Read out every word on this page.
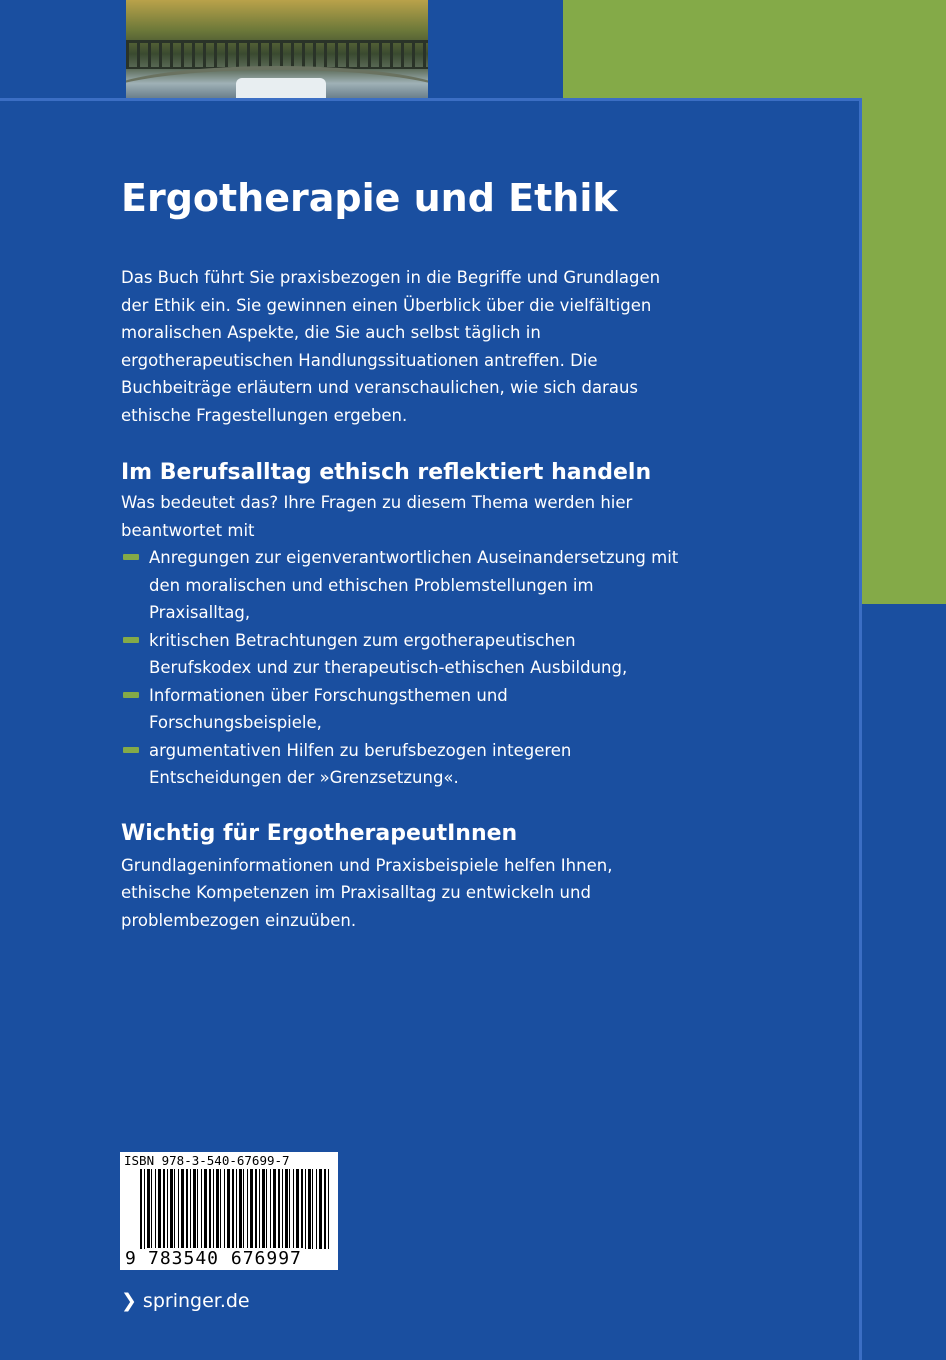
Ergotherapie und Ethik

Das Buch führt Sie praxisbezogen in die Begriffe und Grundlagen der Ethik ein. Sie gewinnen einen Überblick über die vielfältigen moralischen Aspekte, die Sie auch selbst täglich in ergotherapeutischen Handlungssituationen antreffen. Die Buchbeiträge erläutern und veranschaulichen, wie sich daraus ethische Fragestellungen ergeben.

Im Berufsalltag ethisch reflektiert handeln

Was bedeutet das? Ihre Fragen zu diesem Thema werden hier beantwortet mit

Anregungen zur eigenverantwortlichen Auseinandersetzung mit den moralischen und ethischen Problemstellungen im Praxisalltag,
kritischen Betrachtungen zum ergotherapeutischen Berufskodex und zur therapeutisch-ethischen Ausbildung,
Informationen über Forschungsthemen und Forschungsbeispiele,
argumentativen Hilfen zu berufsbezogen integeren Entscheidungen der »Grenzsetzung«.
Wichtig für ErgotherapeutInnen

Grundlageninformationen und Praxisbeispiele helfen Ihnen, ethische Kompetenzen im Praxisalltag zu entwickeln und problembezogen einzuüben.

ISBN 978-3-540-67699-7
9 783540 676997
❯ springer.de
